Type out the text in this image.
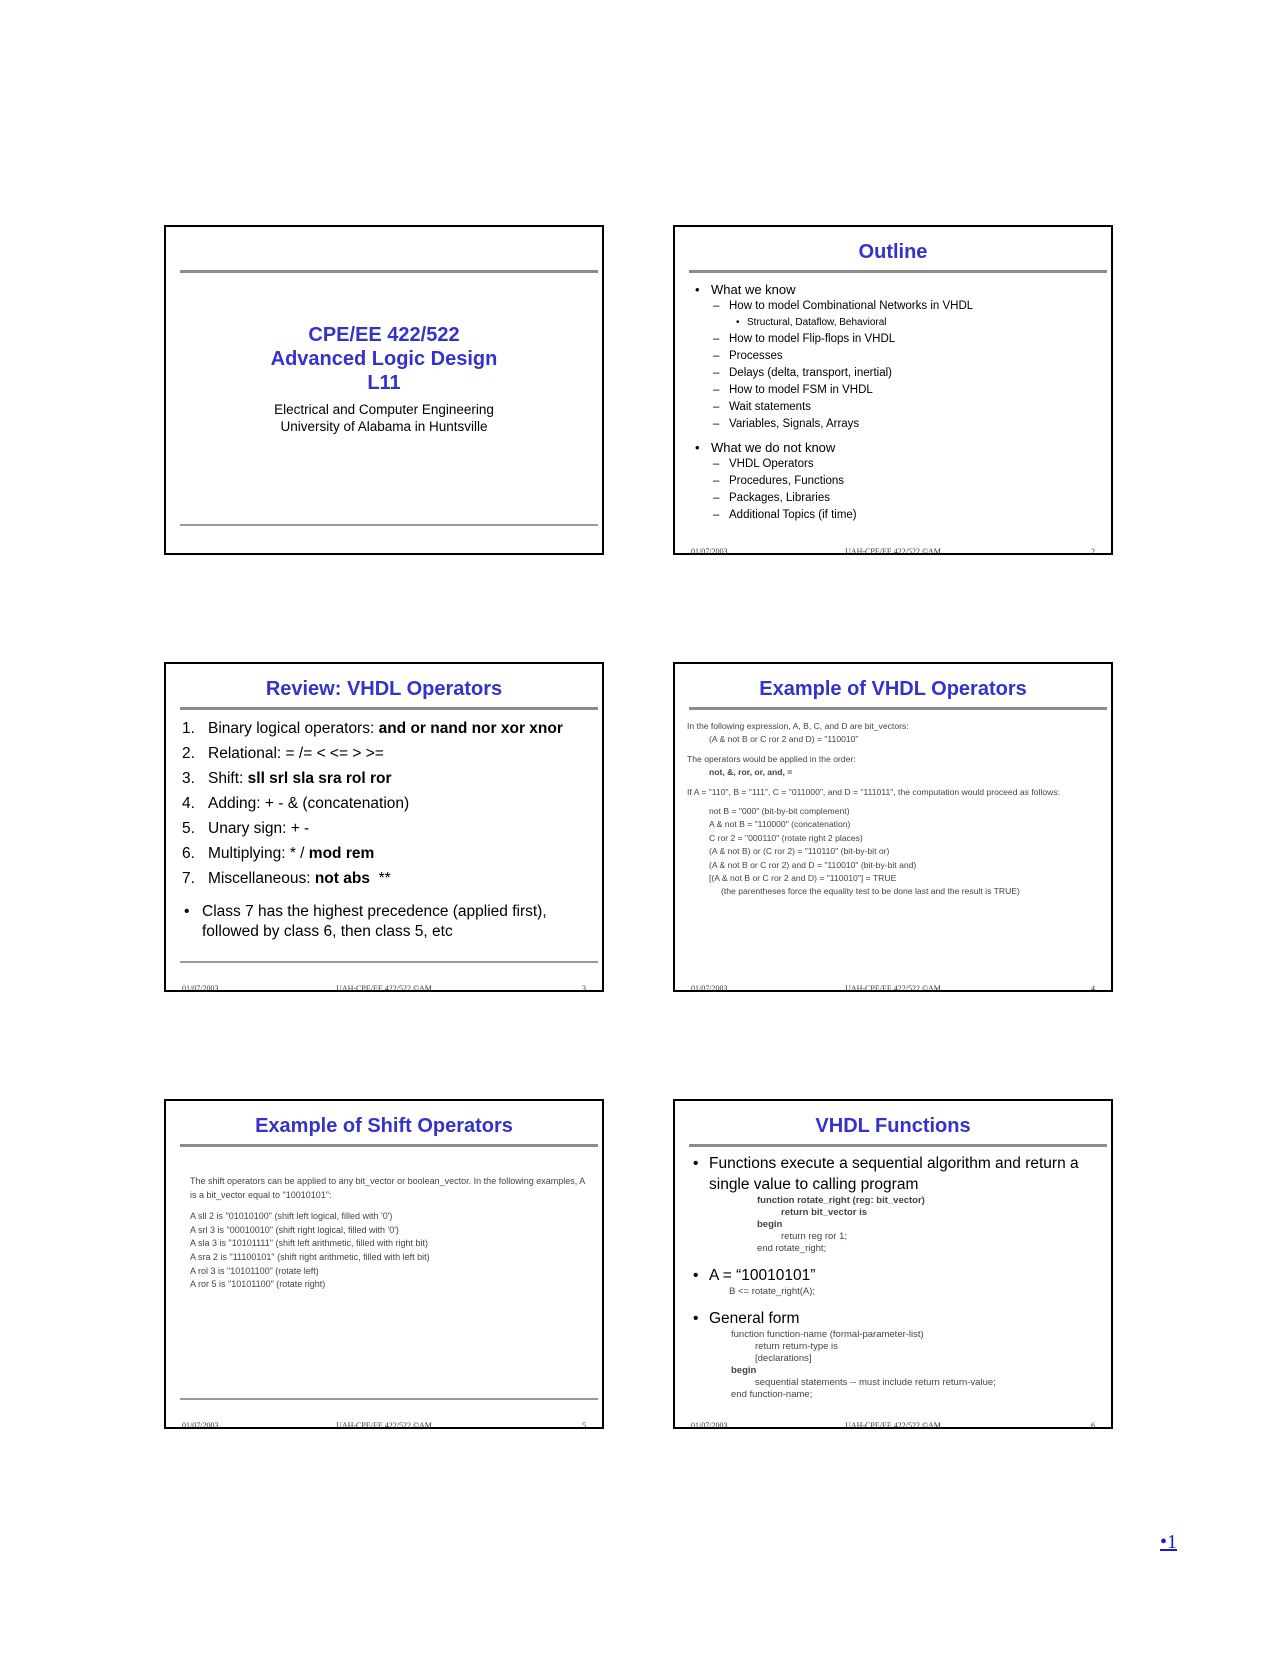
CPE/EE 422/522
Advanced Logic Design
L11
Electrical and Computer Engineering
University of Alabama in Huntsville
Outline
• What we know
– How to model Combinational Networks in VHDL
• Structural, Dataflow, Behavioral
– How to model Flip-flops in VHDL
– Processes
– Delays (delta, transport, inertial)
– How to model FSM in VHDL
– Wait statements
– Variables, Signals, Arrays
• What we do not know
– VHDL Operators
– Procedures, Functions
– Packages, Libraries
– Additional Topics (if time)
01/07/2003	UAH-CPE/EE 422/522 ©AM	2
Review: VHDL Operators
1. Binary logical operators: and or nand nor xor xnor
2. Relational: = /= < <= > >=
3. Shift: sll srl sla sra rol ror
4. Adding: + - & (concatenation)
5. Unary sign: + -
6. Multiplying: * / mod rem
7. Miscellaneous: not abs  **
• Class 7 has the highest precedence (applied first), followed by class 6, then class 5, etc
01/07/2003	UAH-CPE/EE 422/522 ©AM	3
Example of VHDL Operators
In the following expression, A, B, C, and D are bit_vectors:
(A & not B or C ror 2 and D) = "110010"
The operators would be applied in the order:
not, &, ror, or, and, =
If A = "110", B = "111", C = "011000", and D = "111011", the computation would proceed as follows:
not B = "000" (bit-by-bit complement)
A & not B = "110000" (concatenation)
C ror 2 = "000110" (rotate right 2 places)
(A & not B) or (C ror 2) = "110110" (bit-by-bit or)
(A & not B or C ror 2) and D = "110010" (bit-by-bit and)
[(A & not B or C ror 2 and D) = "110010"] = TRUE
(the parentheses force the equality test to be done last and the result is TRUE)
01/07/2003	UAH-CPE/EE 422/522 ©AM	4
Example of Shift Operators
The shift operators can be applied to any bit_vector or boolean_vector. In the following examples, A is a bit_vector equal to "10010101":
A sll 2 is "01010100" (shift left logical, filled with '0')
A srl 3 is "00010010" (shift right logical, filled with '0')
A sla 3 is "10101111" (shift left arithmetic, filled with right bit)
A sra 2 is "11100101" (shift right arithmetic, filled with left bit)
A rol 3 is "10101100" (rotate left)
A ror 5 is "10101100" (rotate right)
01/07/2003	UAH-CPE/EE 422/522 ©AM	5
VHDL Functions
• Functions execute a sequential algorithm and return a single value to calling program
function rotate_right (reg: bit_vector)
return bit_vector is
begin
return reg ror 1;
end rotate_right;
• A = “10010101”
B <= rotate_right(A);
• General form
function function-name (formal-parameter-list)
return return-type is
[declarations]
begin
sequential statements -- must include return return-value;
end function-name;
01/07/2003	UAH-CPE/EE 422/522 ©AM	6
•1
